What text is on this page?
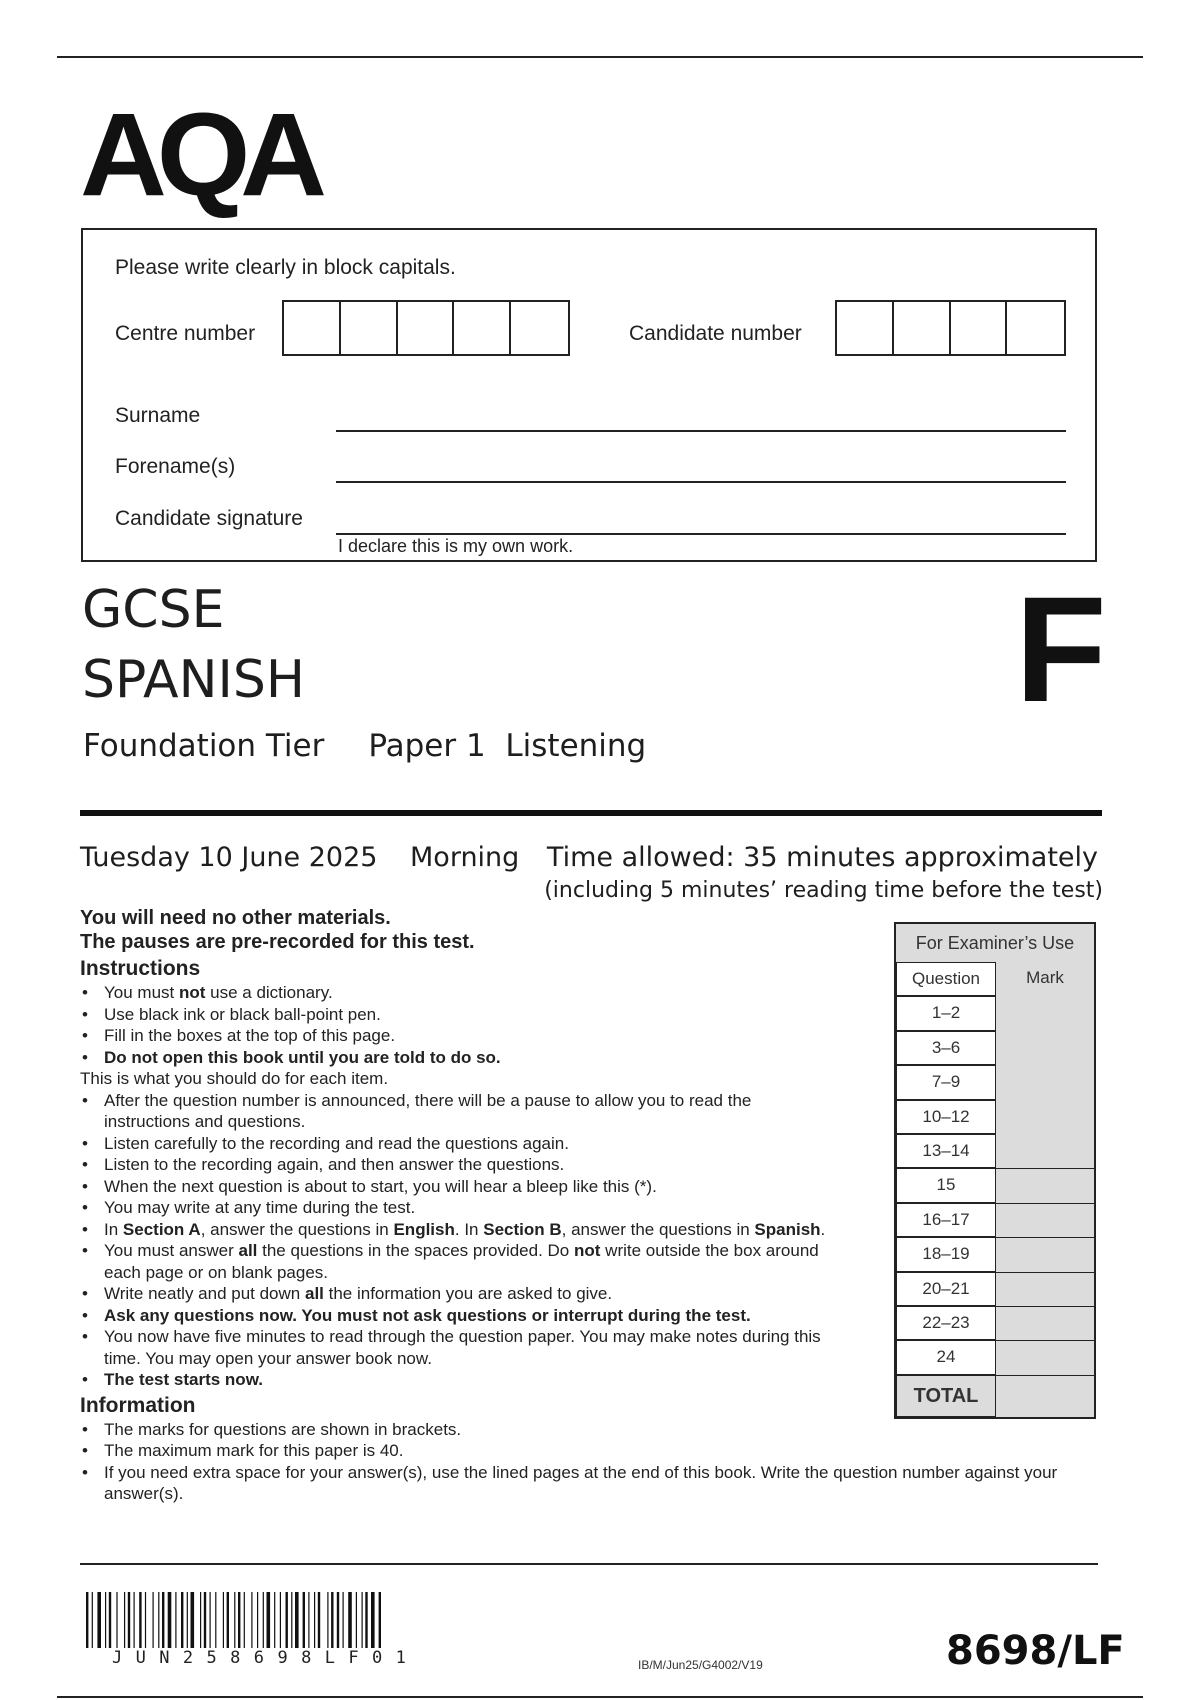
AQA
Please write clearly in block capitals.
Centre number	Candidate number
Surname
Forename(s)
Candidate signature
I declare this is my own work.
GCSE
SPANISH
Foundation Tier Paper 1  Listening
F
Tuesday 10 June 2025 Morning Time allowed: 35 minutes approximately
(including 5 minutes’ reading time before the test)
You will need no other materials.
The pauses are pre-recorded for this test.
Instructions
• You must not use a dictionary.
• Use black ink or black ball-point pen.
• Fill in the boxes at the top of this page.
• Do not open this book until you are told to do so.

This is what you should do for each item.

• After the question number is announced, there will be a pause to allow you to read the instructions and questions.
• Listen carefully to the recording and read the questions again.
• Listen to the recording again, and then answer the questions.
• When the next question is about to start, you will hear a bleep like this (*).
• You may write at any time during the test.
• In Section A, answer the questions in English. In Section B, answer the questions in Spanish.
• You must answer all the questions in the spaces provided. Do not write outside the box around each page or on blank pages.
• Write neatly and put down all the information you are asked to give.
• Ask any questions now. You must not ask questions or interrupt during the test.
• You now have five minutes to read through the question paper. You may make notes during this time. You may open your answer book now.
• The test starts now.
Information
• The marks for questions are shown in brackets.
• The maximum mark for this paper is 40.
• If you need extra space for your answer(s), use the lined pages at the end of this book. Write the question number against your answer(s).
For Examiner’s Use
Question	Mark
1–2
3–6
7–9
10–12
13–14
15
16–17
18–19
20–21
22–23
24
TOTAL
JUN258698LF01	IB/M/Jun25/G4002/V19	8698/LF
